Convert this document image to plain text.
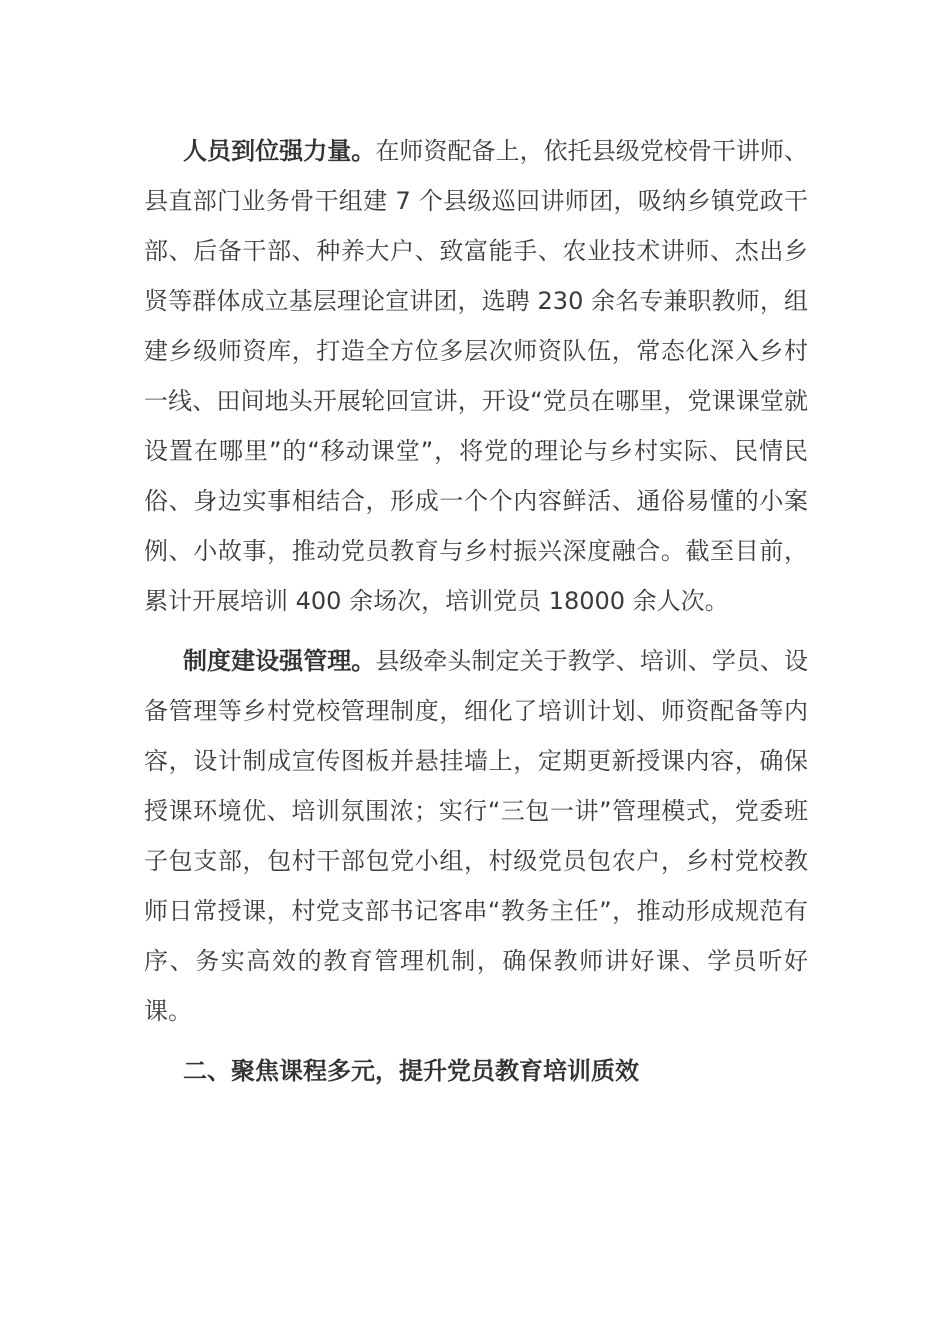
人员到位强力量。在师资配备上，依托县级党校骨干讲师、县直部门业务骨干组建 7 个县级巡回讲师团，吸纳乡镇党政干部、后备干部、种养大户、致富能手、农业技术讲师、杰出乡贤等群体成立基层理论宣讲团，选聘 230 余名专兼职教师，组建乡级师资库，打造全方位多层次师资队伍，常态化深入乡村一线、田间地头开展轮回宣讲，开设“党员在哪里，党课课堂就设置在哪里”的“移动课堂”，将党的理论与乡村实际、民情民俗、身边实事相结合，形成一个个内容鲜活、通俗易懂的小案例、小故事，推动党员教育与乡村振兴深度融合。截至目前，累计开展培训 400 余场次，培训党员 18000 余人次。

制度建设强管理。县级牵头制定关于教学、培训、学员、设备管理等乡村党校管理制度，细化了培训计划、师资配备等内容，设计制成宣传图板并悬挂墙上，定期更新授课内容，确保授课环境优、培训氛围浓；实行“三包一讲”管理模式，党委班子包支部，包村干部包党小组，村级党员包农户，乡村党校教师日常授课，村党支部书记客串“教务主任”，推动形成规范有序、务实高效的教育管理机制，确保教师讲好课、学员听好课。

二、聚焦课程多元，提升党员教育培训质效
